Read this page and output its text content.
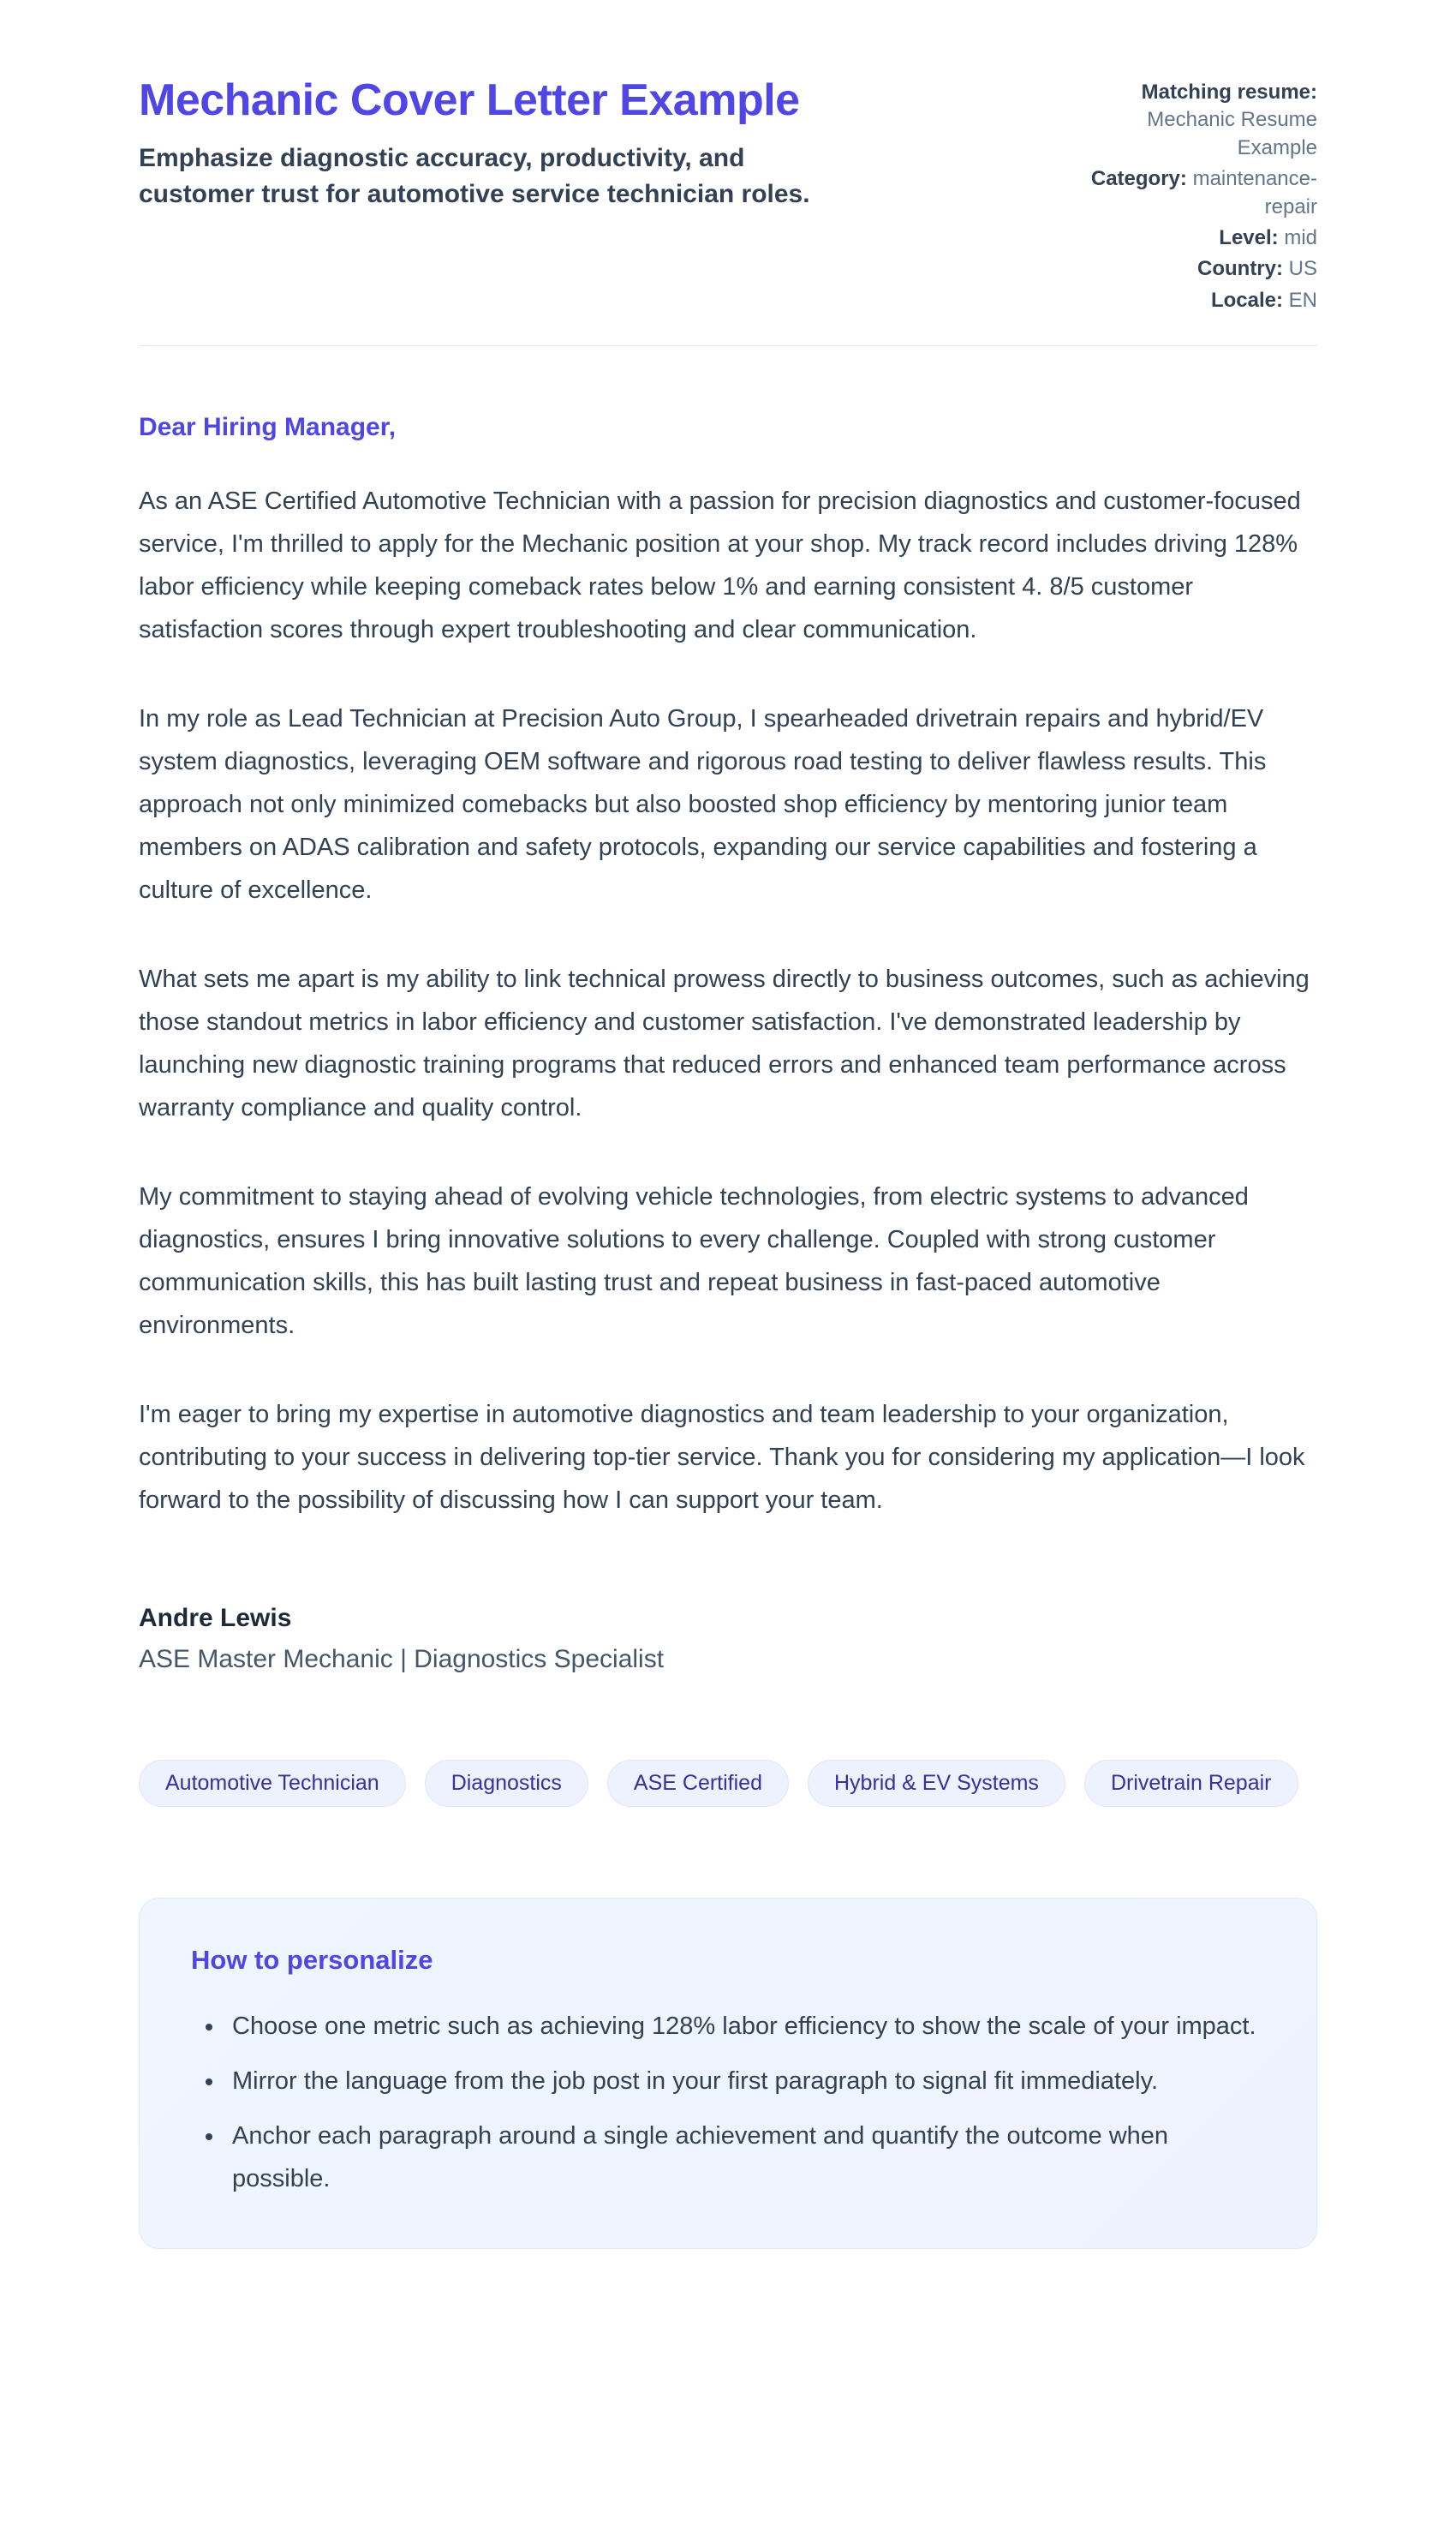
Mechanic Cover Letter Example

Emphasize diagnostic accuracy, productivity, and customer trust for automotive service technician roles.

Matching resume: Mechanic Resume Example
Category: maintenance-repair
Level: mid
Country: US
Locale: EN

Dear Hiring Manager,

As an ASE Certified Automotive Technician with a passion for precision diagnostics and customer-focused service, I'm thrilled to apply for the Mechanic position at your shop. My track record includes driving 128% labor efficiency while keeping comeback rates below 1% and earning consistent 4. 8/5 customer satisfaction scores through expert troubleshooting and clear communication.

In my role as Lead Technician at Precision Auto Group, I spearheaded drivetrain repairs and hybrid/EV system diagnostics, leveraging OEM software and rigorous road testing to deliver flawless results. This approach not only minimized comebacks but also boosted shop efficiency by mentoring junior team members on ADAS calibration and safety protocols, expanding our service capabilities and fostering a culture of excellence.

What sets me apart is my ability to link technical prowess directly to business outcomes, such as achieving those standout metrics in labor efficiency and customer satisfaction. I've demonstrated leadership by launching new diagnostic training programs that reduced errors and enhanced team performance across warranty compliance and quality control.

My commitment to staying ahead of evolving vehicle technologies, from electric systems to advanced diagnostics, ensures I bring innovative solutions to every challenge. Coupled with strong customer communication skills, this has built lasting trust and repeat business in fast-paced automotive environments.

I'm eager to bring my expertise in automotive diagnostics and team leadership to your organization, contributing to your success in delivering top-tier service. Thank you for considering my application—I look forward to the possibility of discussing how I can support your team.

Andre Lewis

ASE Master Mechanic | Diagnostics Specialist

Automotive Technician	Diagnostics	ASE Certified	Hybrid & EV Systems	Drivetrain Repair
How to personalize
• Choose one metric such as achieving 128% labor efficiency to show the scale of your impact.
• Mirror the language from the job post in your first paragraph to signal fit immediately.
• Anchor each paragraph around a single achievement and quantify the outcome when possible.
